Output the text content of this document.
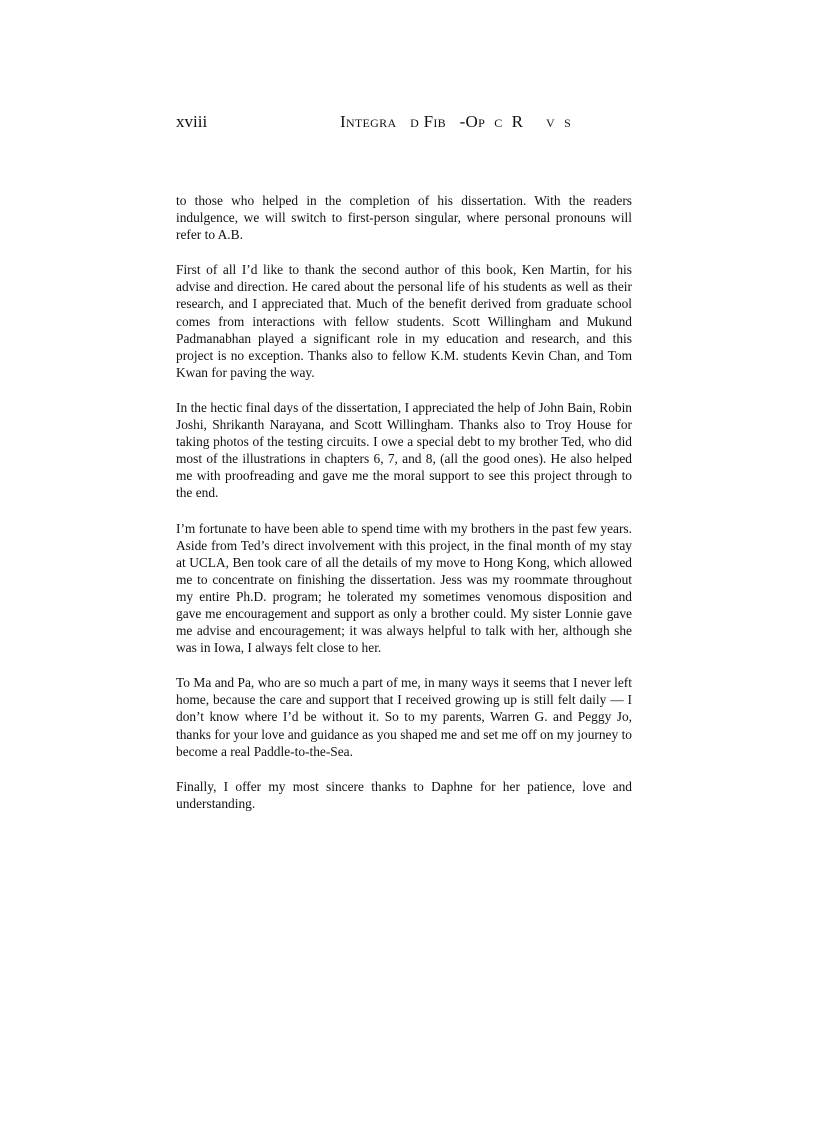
xviii	Integra   d Fib   -Op  c  R     v  s

to those who helped in the completion of his dissertation. With the readers indulgence, we will switch to first-person singular, where personal pronouns will refer to A.B.

First of all I’d like to thank the second author of this book, Ken Martin, for his advise and direction. He cared about the personal life of his students as well as their research, and I appreciated that. Much of the benefit derived from graduate school comes from interactions with fellow students. Scott Willingham and Mukund Padmanabhan played a significant role in my education and research, and this project is no exception. Thanks also to fellow K.M. students Kevin Chan, and Tom Kwan for paving the way.

In the hectic final days of the dissertation, I appreciated the help of John Bain, Robin Joshi, Shrikanth Narayana, and Scott Willingham. Thanks also to Troy House for taking photos of the testing circuits. I owe a special debt to my brother Ted, who did most of the illustrations in chapters 6, 7, and 8, (all the good ones). He also helped me with proofreading and gave me the moral support to see this project through to the end.

I’m fortunate to have been able to spend time with my brothers in the past few years. Aside from Ted’s direct involvement with this project, in the final month of my stay at UCLA, Ben took care of all the details of my move to Hong Kong, which allowed me to concentrate on finishing the dissertation. Jess was my roommate throughout my entire Ph.D. program; he tolerated my sometimes venomous disposition and gave me encouragement and support as only a brother could. My sister Lonnie gave me advise and encouragement; it was always helpful to talk with her, although she was in Iowa, I always felt close to her.

To Ma and Pa, who are so much a part of me, in many ways it seems that I never left home, because the care and support that I received growing up is still felt daily — I don’t know where I’d be without it. So to my parents, Warren G. and Peggy Jo, thanks for your love and guidance as you shaped me and set me off on my journey to become a real Paddle-to-the-Sea.

Finally, I offer my most sincere thanks to Daphne for her patience, love and understanding.
